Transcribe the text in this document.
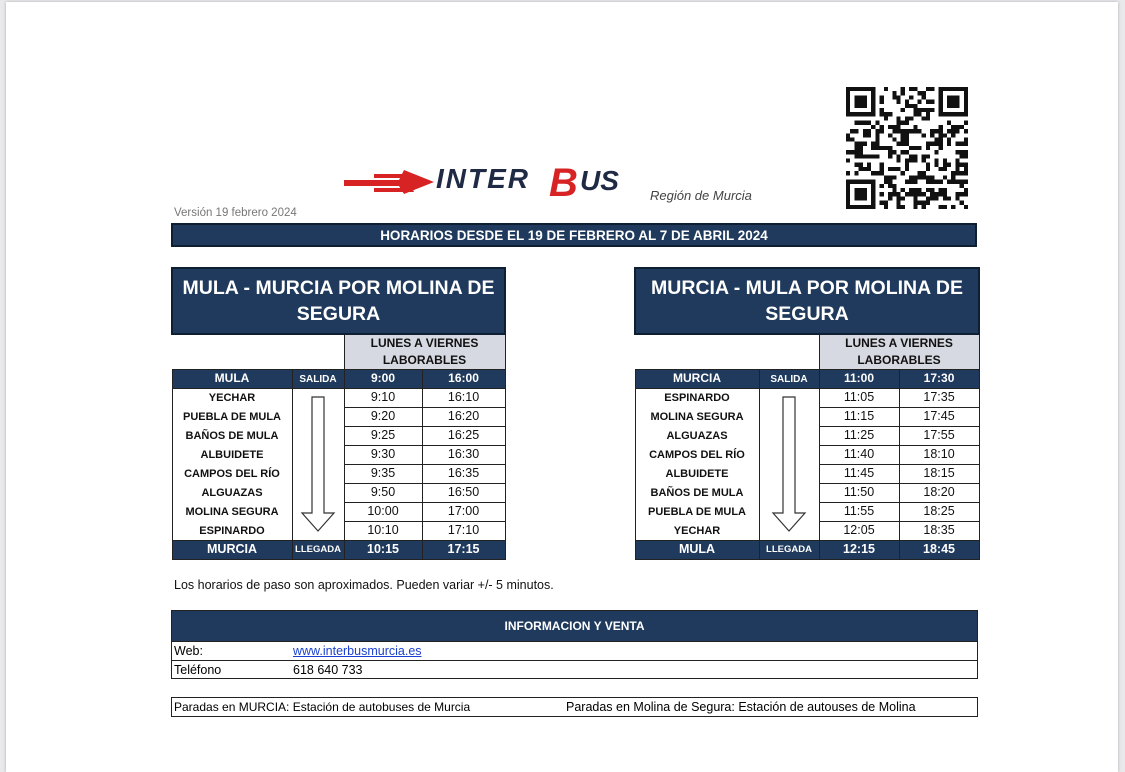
INTER B US Región de Murcia
Versión 19 febrero 2024
HORARIOS DESDE EL 19 DE FEBRERO AL 7 DE ABRIL 2024
MULA - MURCIA POR MOLINA DE
SEGURA			
		LUNES A VIERNES
LABORABLES	
MULA	SALIDA	9:00	16:00
YECHAR		9:10	16:10
PUEBLA DE MULA		9:20	16:20
BAÑOS DE MULA		9:25	16:25
ALBUIDETE		9:30	16:30
CAMPOS DEL RÍO		9:35	16:35
ALGUAZAS		9:50	16:50
MOLINA SEGURA		10:00	17:00
ESPINARDO		10:10	17:10
MURCIA	LLEGADA	10:15	17:15
MURCIA - MULA POR MOLINA DE
SEGURA			
		LUNES A VIERNES
LABORABLES	
MURCIA	SALIDA	11:00	17:30
ESPINARDO		11:05	17:35
MOLINA SEGURA		11:15	17:45
ALGUAZAS		11:25	17:55
CAMPOS DEL RÍO		11:40	18:10
ALBUIDETE		11:45	18:15
BAÑOS DE MULA		11:50	18:20
PUEBLA DE MULA		11:55	18:25
YECHAR		12:05	18:35
MULA	LLEGADA	12:15	18:45
Los horarios de paso son aproximados. Pueden variar +/- 5 minutos.
INFORMACION Y VENTA
Web:	www.interbusmurcia.es
Teléfono	618 640 733
Paradas en MURCIA: Estación de autobuses de Murcia	Paradas en Molina de Segura: Estación de autouses de Molina
